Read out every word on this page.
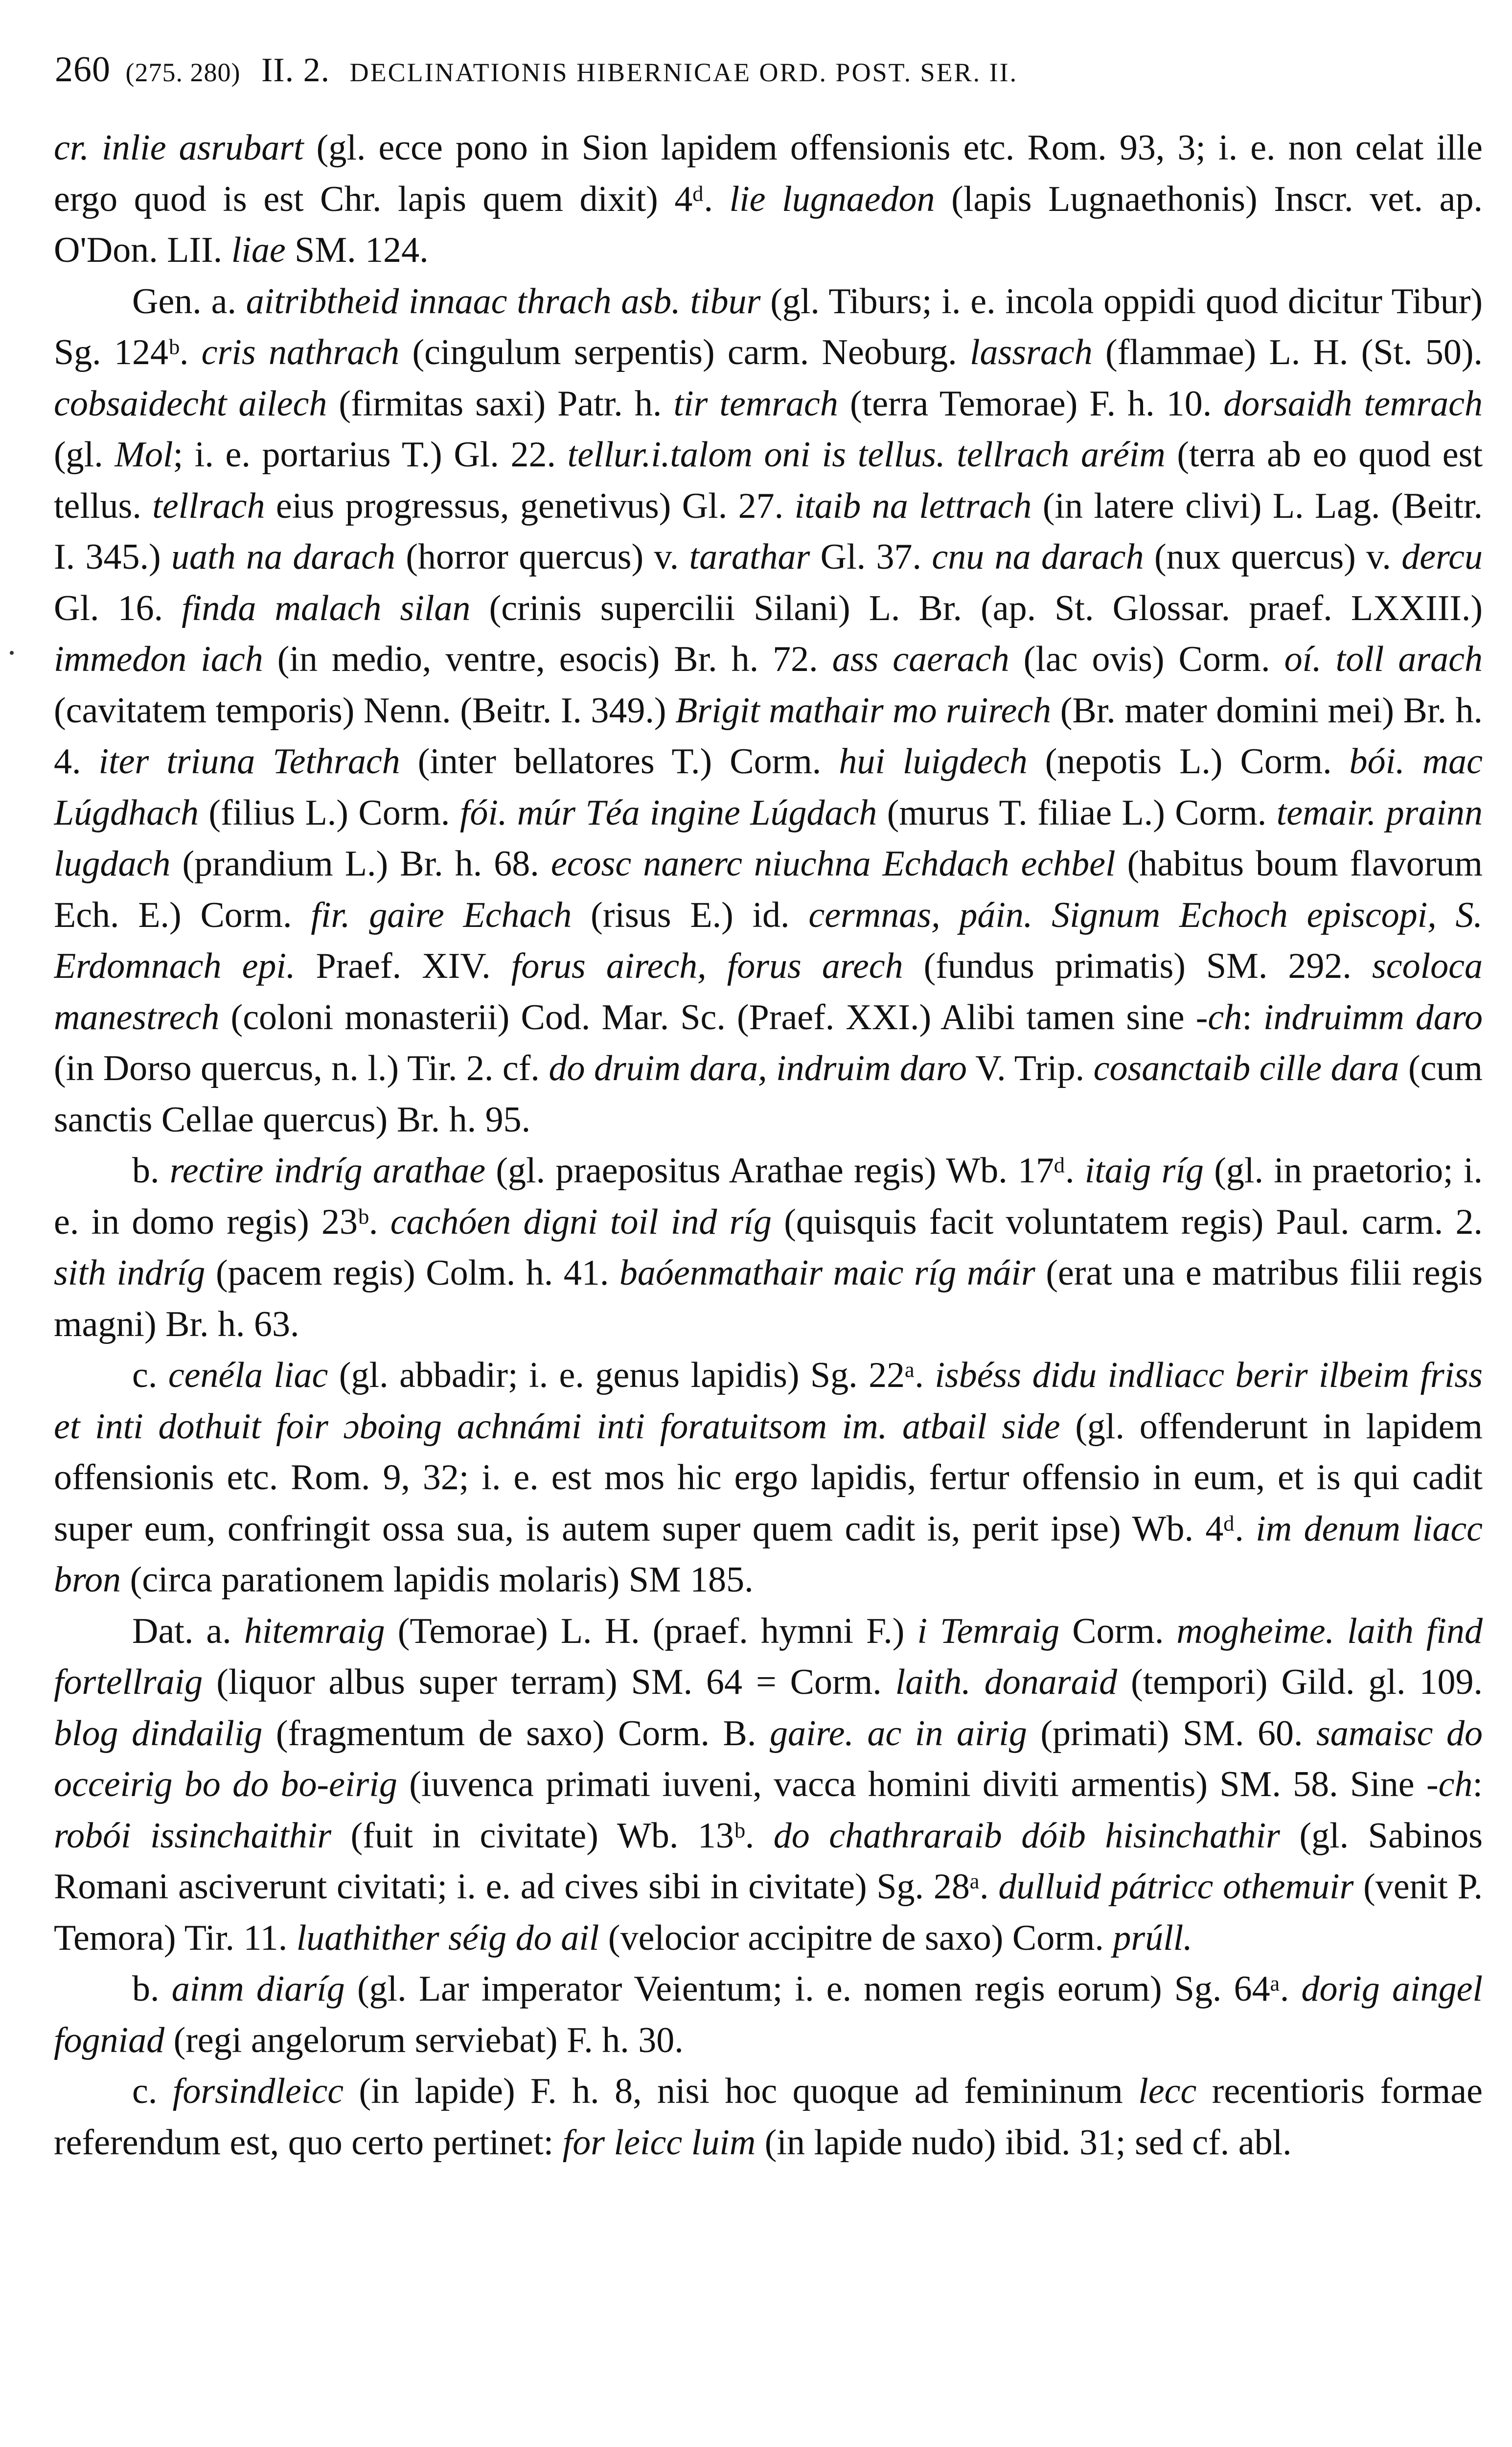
260 (275. 280) II. 2. DECLINATIONIS HIBERNICAE ORD. POST. SER. II.

cr. inlie asrubart (gl. ecce pono in Sion lapidem offensionis etc. Rom. 93, 3; i. e. non celat ille ergo quod is est Chr. lapis quem dixit) 4ᵈ. lie lugnaedon (lapis Lugnaethonis) Inscr. vet. ap. O'Don. LII. liae SM. 124.

Gen. a. aitribtheid innaac thrach asb. tibur (gl. Tiburs; i. e. incola oppidi quod dicitur Tibur) Sg. 124ᵇ. cris nathrach (cingulum serpentis) carm. Neoburg. lassrach (flammae) L. H. (St. 50). cobsaidecht ailech (firmitas saxi) Patr. h. tir temrach (terra Temorae) F. h. 10. dorsaidh temrach (gl. Mol; i. e. portarius T.) Gl. 22. tellur.i.talom oni is tellus. tellrach aréim (terra ab eo quod est tellus. tellrach eius progressus, genetivus) Gl. 27. itaib na lettrach (in latere clivi) L. Lag. (Beitr. I. 345.) uath na darach (horror quercus) v. tarathar Gl. 37. cnu na darach (nux quercus) v. dercu Gl. 16. finda malach silan (crinis supercilii Silani) L. Br. (ap. St. Glossar. praef. LXXIII.) immedon iach (in medio, ventre, esocis) Br. h. 72. ass caerach (lac ovis) Corm. oí. toll arach (cavitatem temporis) Nenn. (Beitr. I. 349.) Brigit mathair mo ruirech (Br. mater domini mei) Br. h. 4. iter triuna Tethrach (inter bellatores T.) Corm. hui luigdech (nepotis L.) Corm. bói. mac Lúgdhach (filius L.) Corm. fói. múr Téa ingine Lúgdach (murus T. filiae L.) Corm. temair. prainn lugdach (prandium L.) Br. h. 68. ecosc nanerc niuchna Echdach echbel (habitus boum flavorum Ech. E.) Corm. fir. gaire Echach (risus E.) id. cermnas, páin. Signum Echoch episcopi, S. Erdomnach epi. Praef. XIV. forus airech, forus arech (fundus primatis) SM. 292. scoloca manestrech (coloni monasterii) Cod. Mar. Sc. (Praef. XXI.) Alibi tamen sine -ch: indruimm daro (in Dorso quercus, n. l.) Tir. 2. cf. do druim dara, indruim daro V. Trip. cosanctaib cille dara (cum sanctis Cellae quercus) Br. h. 95.

b. rectire indríg arathae (gl. praepositus Arathae regis) Wb. 17ᵈ. itaig ríg (gl. in praetorio; i. e. in domo regis) 23ᵇ. cachóen digni toil ind ríg (quisquis facit voluntatem regis) Paul. carm. 2. sith indríg (pacem regis) Colm. h. 41. baóenmathair maic ríg máir (erat una e matribus filii regis magni) Br. h. 63.

c. cenéla liac (gl. abbadir; i. e. genus lapidis) Sg. 22ᵃ. isbéss didu indliacc berir ilbeim friss et inti dothuit foir ɔboing achnámi inti foratuitsom im. atbail side (gl. offenderunt in lapidem offensionis etc. Rom. 9, 32; i. e. est mos hic ergo lapidis, fertur offensio in eum, et is qui cadit super eum, confringit ossa sua, is autem super quem cadit is, perit ipse) Wb. 4ᵈ. im denum liacc bron (circa parationem lapidis molaris) SM 185.

Dat. a. hitemraig (Temorae) L. H. (praef. hymni F.) i Temraig Corm. mogheime. laith find fortellraig (liquor albus super terram) SM. 64 = Corm. laith. donaraid (tempori) Gild. gl. 109. blog dindailig (fragmentum de saxo) Corm. B. gaire. ac in airig (primati) SM. 60. samaisc do occeirig bo do bo-eirig (iuvenca primati iuveni, vacca homini diviti armentis) SM. 58. Sine -ch: robói issinchaithir (fuit in civitate) Wb. 13ᵇ. do chathraraib dóib hisinchathir (gl. Sabinos Romani asciverunt civitati; i. e. ad cives sibi in civitate) Sg. 28ᵃ. dulluid pátricc othemuir (venit P. Temora) Tir. 11. luathither séig do ail (velocior accipitre de saxo) Corm. prúll.

b. ainm diaríg (gl. Lar imperator Veientum; i. e. nomen regis eorum) Sg. 64ᵃ. dorig aingel fogniad (regi angelorum serviebat) F. h. 30.

c. forsindleicc (in lapide) F. h. 8, nisi hoc quoque ad femininum lecc recentioris formae referendum est, quo certo pertinet: for leicc luim (in lapide nudo) ibid. 31; sed cf. abl.
